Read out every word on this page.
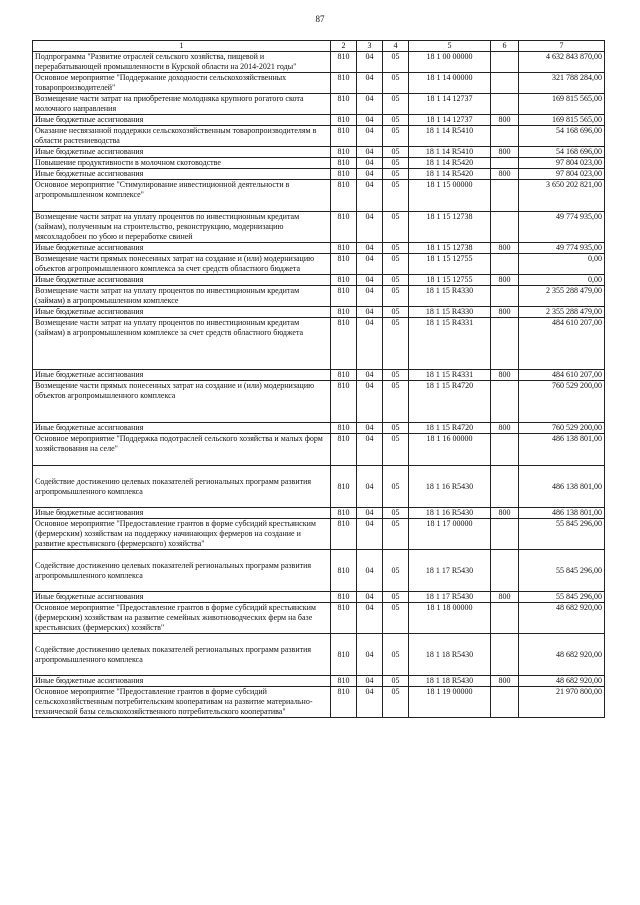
87
1	2	3	4	5	6	7
Подпрограмма "Развитие отраслей сельского хозяйства, пищевой и перерабатывающей промышленности в Курской области на 2014-2021 годы"	810	04	05	18 1 00 00000		4 632 843 870,00
Основное мероприятие "Поддержание доходности сельскохозяйственных товаропроизводителей"	810	04	05	18 1 14 00000		321 788 284,00
Возмещение части затрат на приобретение молодняка крупного рогатого скота молочного направления	810	04	05	18 1 14 12737		169 815 565,00
Иные бюджетные ассигнования	810	04	05	18 1 14 12737	800	169 815 565,00
Оказание несвязанной поддержки сельскохозяйственным товаропроизводителям в области растениеводства	810	04	05	18 1 14 R5410		54 168 696,00
Иные бюджетные ассигнования	810	04	05	18 1 14 R5410	800	54 168 696,00
Повышение продуктивности в молочном скотоводстве	810	04	05	18 1 14 R5420		97 804 023,00
Иные бюджетные ассигнования	810	04	05	18 1 14 R5420	800	97 804 023,00
Основное мероприятие "Стимулирование инвестиционной деятельности в агропромышленном комплексе"	810	04	05	18 1 15 00000		3 650 202 821,00
Возмещение части затрат на уплату процентов по инвестиционным кредитам (займам), полученным на строительство, реконструкцию, модернизацию мясохладобоен по убою и переработке свиней	810	04	05	18 1 15 12738		49 774 935,00
Иные бюджетные ассигнования	810	04	05	18 1 15 12738	800	49 774 935,00
Возмещение части прямых понесенных затрат на создание и (или) модернизацию объектов агропромышленного комплекса за счет средств областного бюджета	810	04	05	18 1 15 12755		0,00
Иные бюджетные ассигнования	810	04	05	18 1 15 12755	800	0,00
Возмещение части затрат на уплату процентов по инвестиционным кредитам (займам) в агропромышленном комплексе	810	04	05	18 1 15 R4330		2 355 288 479,00
Иные бюджетные ассигнования	810	04	05	18 1 15 R4330	800	2 355 288 479,00
Возмещение части затрат на уплату процентов по инвестиционным кредитам (займам) в агропромышленном комплексе за счет средств областного бюджета	810	04	05	18 1 15 R4331		484 610 207,00
Иные бюджетные ассигнования	810	04	05	18 1 15 R4331	800	484 610 207,00
Возмещение части прямых понесенных затрат на создание и (или) модернизацию объектов агропромышленного комплекса	810	04	05	18 1 15 R4720		760 529 200,00
Иные бюджетные ассигнования	810	04	05	18 1 15 R4720	800	760 529 200,00
Основное мероприятие "Поддержка подотраслей сельского хозяйства и малых форм хозяйствования на селе"	810	04	05	18 1 16 00000		486 138 801,00
Содействие достижению целевых показателей региональных программ развития агропромышленного комплекса	810	04	05	18 1 16 R5430		486 138 801,00
Иные бюджетные ассигнования	810	04	05	18 1 16 R5430	800	486 138 801,00
Основное мероприятие "Предоставление грантов в форме субсидий крестьянским (фермерским) хозяйствам на поддержку начинающих фермеров на создание и развитие крестьянского (фермерского) хозяйства"	810	04	05	18 1 17 00000		55 845 296,00
Содействие достижению целевых показателей региональных программ развития агропромышленного комплекса	810	04	05	18 1 17 R5430		55 845 296,00
Иные бюджетные ассигнования	810	04	05	18 1 17 R5430	800	55 845 296,00
Основное мероприятие "Предоставление грантов в форме субсидий крестьянским (фермерским) хозяйствам на развитие семейных животноводческих ферм на базе крестьянских (фермерских) хозяйств"	810	04	05	18 1 18 00000		48 682 920,00
Содействие достижению целевых показателей региональных программ развития агропромышленного комплекса	810	04	05	18 1 18 R5430		48 682 920,00
Иные бюджетные ассигнования	810	04	05	18 1 18 R5430	800	48 682 920,00
Основное мероприятие "Предоставление грантов в форме субсидий сельскохозяйственным потребительским кооперативам на развитие материально-технической базы сельскохозяйственного потребительского кооператива"	810	04	05	18 1 19 00000		21 970 800,00
